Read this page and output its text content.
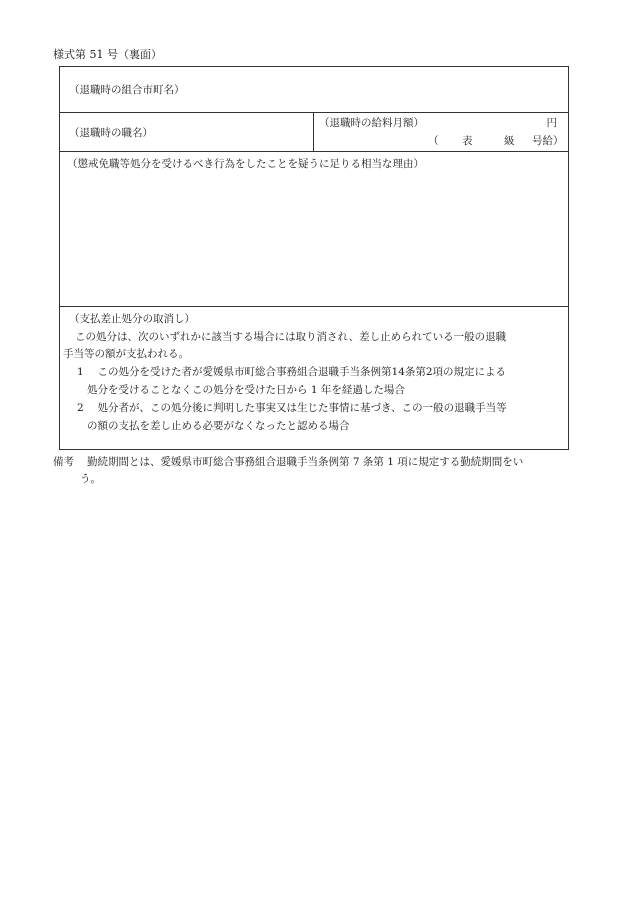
様式第 51 号（裏面）
（退職時の組合市町名）
（退職時の職名）
（退職時の給料月額）	円
（ 表	級 号給）
（懲戒免職等処分を受けるべき行為をしたことを疑うに足りる相当な理由）
（支払差止処分の取消し）
この処分は、次のいずれかに該当する場合には取り消され、差し止められている一般の退職
手当等の額が支払われる。
1　 この処分を受けた者が愛媛県市町総合事務組合退職手当条例第14条第2項の規定による
処分を受けることなくこの処分を受けた日から 1 年を経過した場合
2　 処分者が、この処分後に判明した事実又は生じた事情に基づき、この一般の退職手当等
の額の支払を差し止める必要がなくなったと認める場合
備考 勤続期間とは、愛媛県市町総合事務組合退職手当条例第 7 条第 1 項に規定する勤続期間をい
う。
